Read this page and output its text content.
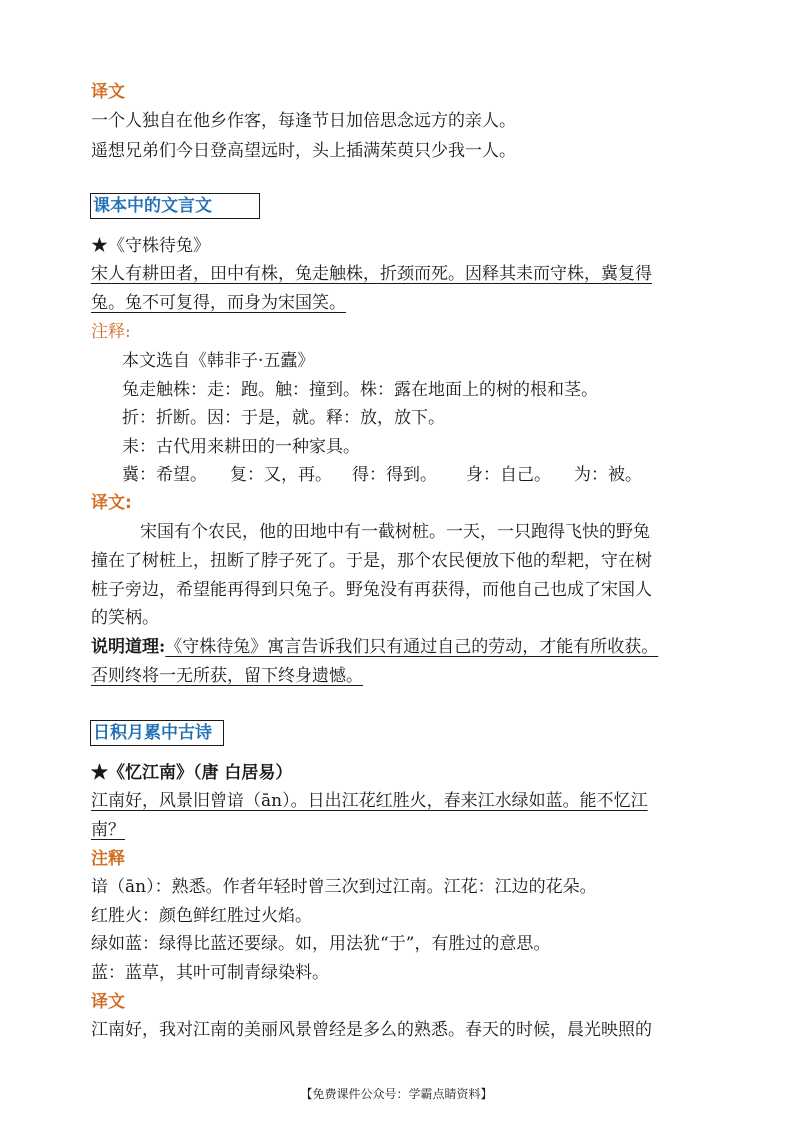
译文
一个人独自在他乡作客，每逢节日加倍思念远方的亲人。
遥想兄弟们今日登高望远时，头上插满茱萸只少我一人。
课本中的文言文
★《守株待兔》
宋人有耕田者，田中有株，兔走触株，折颈而死。因释其耒而守株，冀复得
兔。兔不可复得，而身为宋国笑。
注释:
本文选自《韩非子·五蠹》
兔走触株：走：跑。触：撞到。株：露在地面上的树的根和茎。
折：折断。因：于是，就。释：放，放下。
耒：古代用来耕田的一种家具。
冀：希望。 复：又，再。 得：得到。 身：自己。 为：被。
译文:
宋国有个农民，他的田地中有一截树桩。一天，一只跑得飞快的野兔
撞在了树桩上，扭断了脖子死了。于是，那个农民便放下他的犁耙，守在树
桩子旁边，希望能再得到只兔子。野兔没有再获得，而他自己也成了宋国人
的笑柄。
说明道理:《守株待兔》寓言告诉我们只有通过自己的劳动，才能有所收获。
否则终将一无所获，留下终身遗憾。
日积月累中古诗
★《忆江南》（唐 白居易）
江南好，风景旧曾谙（ān）。日出江花红胜火，春来江水绿如蓝。能不忆江
南？
注释
谙（ān）：熟悉。作者年轻时曾三次到过江南。江花：江边的花朵。
红胜火：颜色鲜红胜过火焰。
绿如蓝：绿得比蓝还要绿。如，用法犹“于”，有胜过的意思。
蓝：蓝草，其叶可制青绿染料。
译文
江南好，我对江南的美丽风景曾经是多么的熟悉。春天的时候，晨光映照的
【免费课件公众号：学霸点睛资料】
